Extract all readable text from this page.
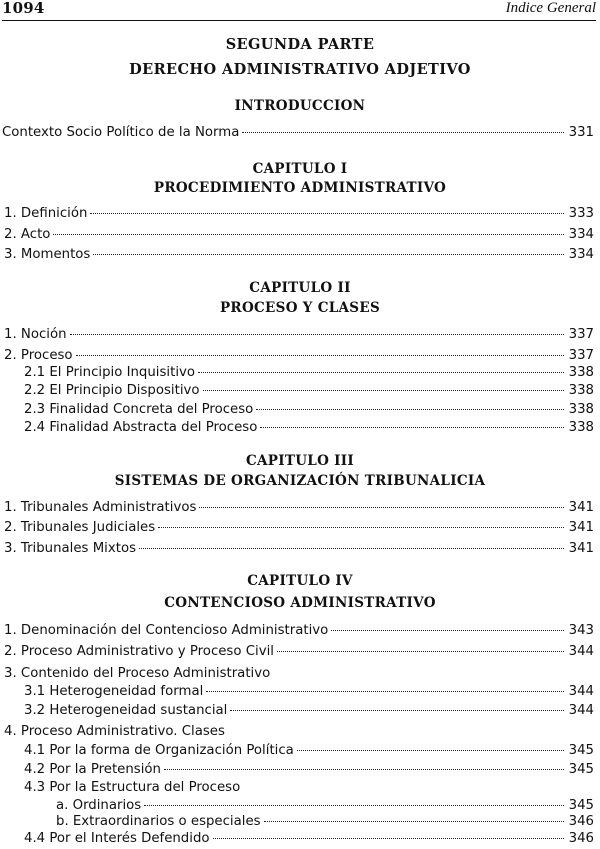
1094	Indice General
SEGUNDA PARTE
DERECHO ADMINISTRATIVO ADJETIVO
INTRODUCCION
Contexto Socio Político de la Norma	331
CAPITULO I
PROCEDIMIENTO ADMINISTRATIVO
1. Definición	333
2. Acto	334
3. Momentos	334
CAPITULO II
PROCESO Y CLASES
1. Noción	337
2. Proceso	337
2.1 El Principio Inquisitivo	338
2.2 El Principio Dispositivo	338
2.3 Finalidad Concreta del Proceso	338
2.4 Finalidad Abstracta del Proceso	338
CAPITULO III
SISTEMAS DE ORGANIZACIÓN TRIBUNALICIA
1. Tribunales Administrativos	341
2. Tribunales Judiciales	341
3. Tribunales Mixtos	341
CAPITULO IV
CONTENCIOSO ADMINISTRATIVO
1. Denominación del Contencioso Administrativo	343
2. Proceso Administrativo y Proceso Civil	344
3. Contenido del Proceso Administrativo
3.1 Heterogeneidad formal	344
3.2 Heterogeneidad sustancial	344
4. Proceso Administrativo. Clases
4.1 Por la forma de Organización Política	345
4.2 Por la Pretensión	345
4.3 Por la Estructura del Proceso
a. Ordinarios	345
b. Extraordinarios o especiales	346
4.4 Por el Interés Defendido	346
